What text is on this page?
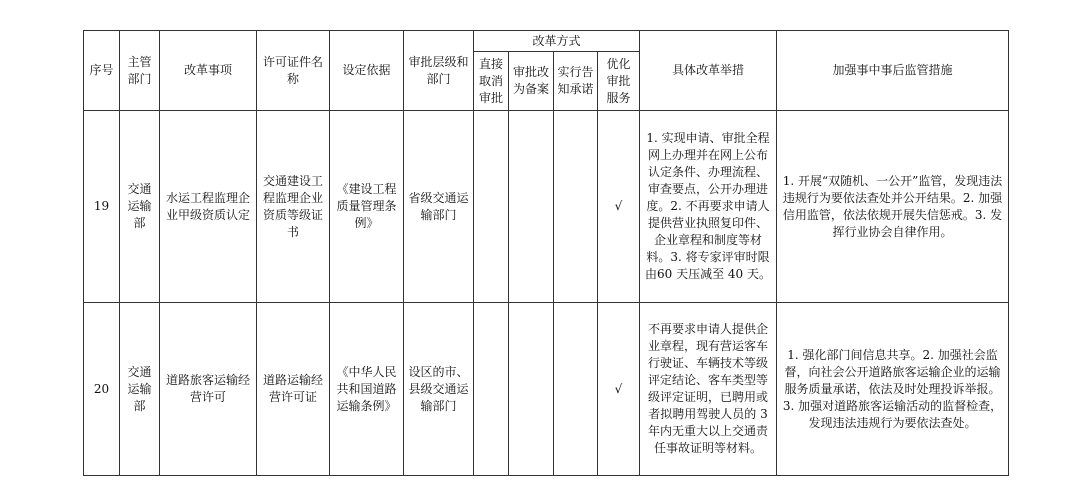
序号	主管部门	改革事项	许可证件名称	设定依据	审批层级和部门	改革方式				具体改革举措	加强事中事后监管措施
						直接取消审批	审批改为备案	实行告知承诺	优化审批服务		
19	交通运输部	水运工程监理企业甲级资质认定	交通建设工程监理企业资质等级证书	《建设工程质量管理条例》	省级交通运输部门				√	1. 实现申请、审批全程网上办理并在网上公布认定条件、办理流程、审查要点，公开办理进度。2. 不再要求申请人提供营业执照复印件、企业章程和制度等材料。3. 将专家评审时限由60 天压减至 40 天。	1. 开展“双随机、一公开”监管，发现违法违规行为要依法查处并公开结果。2. 加强信用监管，依法依规开展失信惩戒。3. 发挥行业协会自律作用。
20	交通运输部	道路旅客运输经营许可	道路运输经营许可证	《中华人民共和国道路运输条例》	设区的市、县级交通运输部门				√	不再要求申请人提供企业章程，现有营运客车行驶证、车辆技术等级评定结论、客车类型等级评定证明，已聘用或者拟聘用驾驶人员的 3 年内无重大以上交通责任事故证明等材料。	1. 强化部门间信息共享。2. 加强社会监督，向社会公开道路旅客运输企业的运输服务质量承诺，依法及时处理投诉举报。3. 加强对道路旅客运输活动的监督检查，发现违法违规行为要依法查处。
